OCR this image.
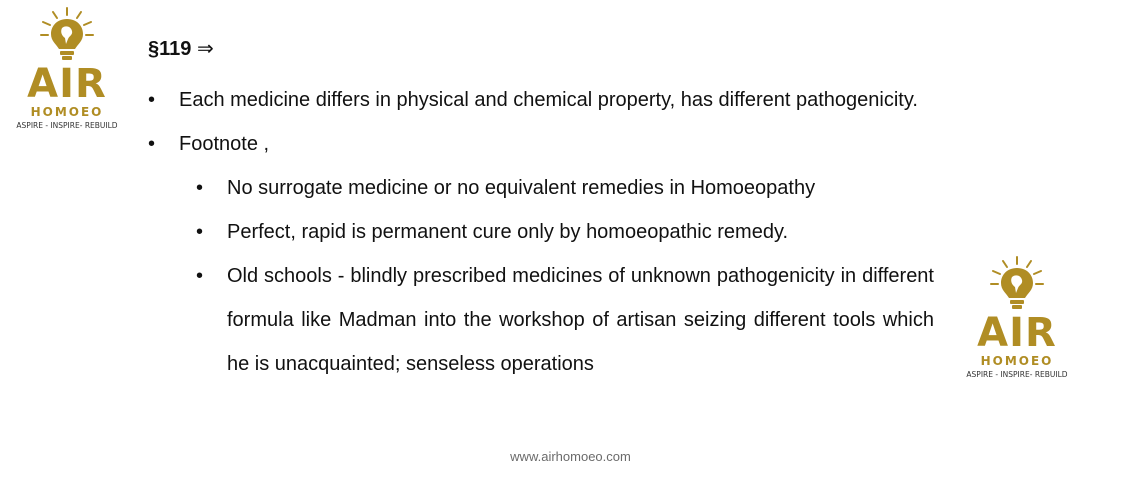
AIR
HOMOEO
ASPIRE - INSPIRE- REBUILD
AIR
HOMOEO
ASPIRE - INSPIRE- REBUILD
§119 ⇒
• Each medicine differs in physical and chemical property, has different pathogenicity.
• Footnote ,
• No surrogate medicine or no equivalent remedies in Homoeopathy
• Perfect, rapid is permanent cure only by homoeopathic remedy.
• Old schools - blindly prescribed medicines of unknown pathogenicity in different formula like Madman into the workshop of artisan seizing different tools which he is unacquainted; senseless operations
www.airhomoeo.com
